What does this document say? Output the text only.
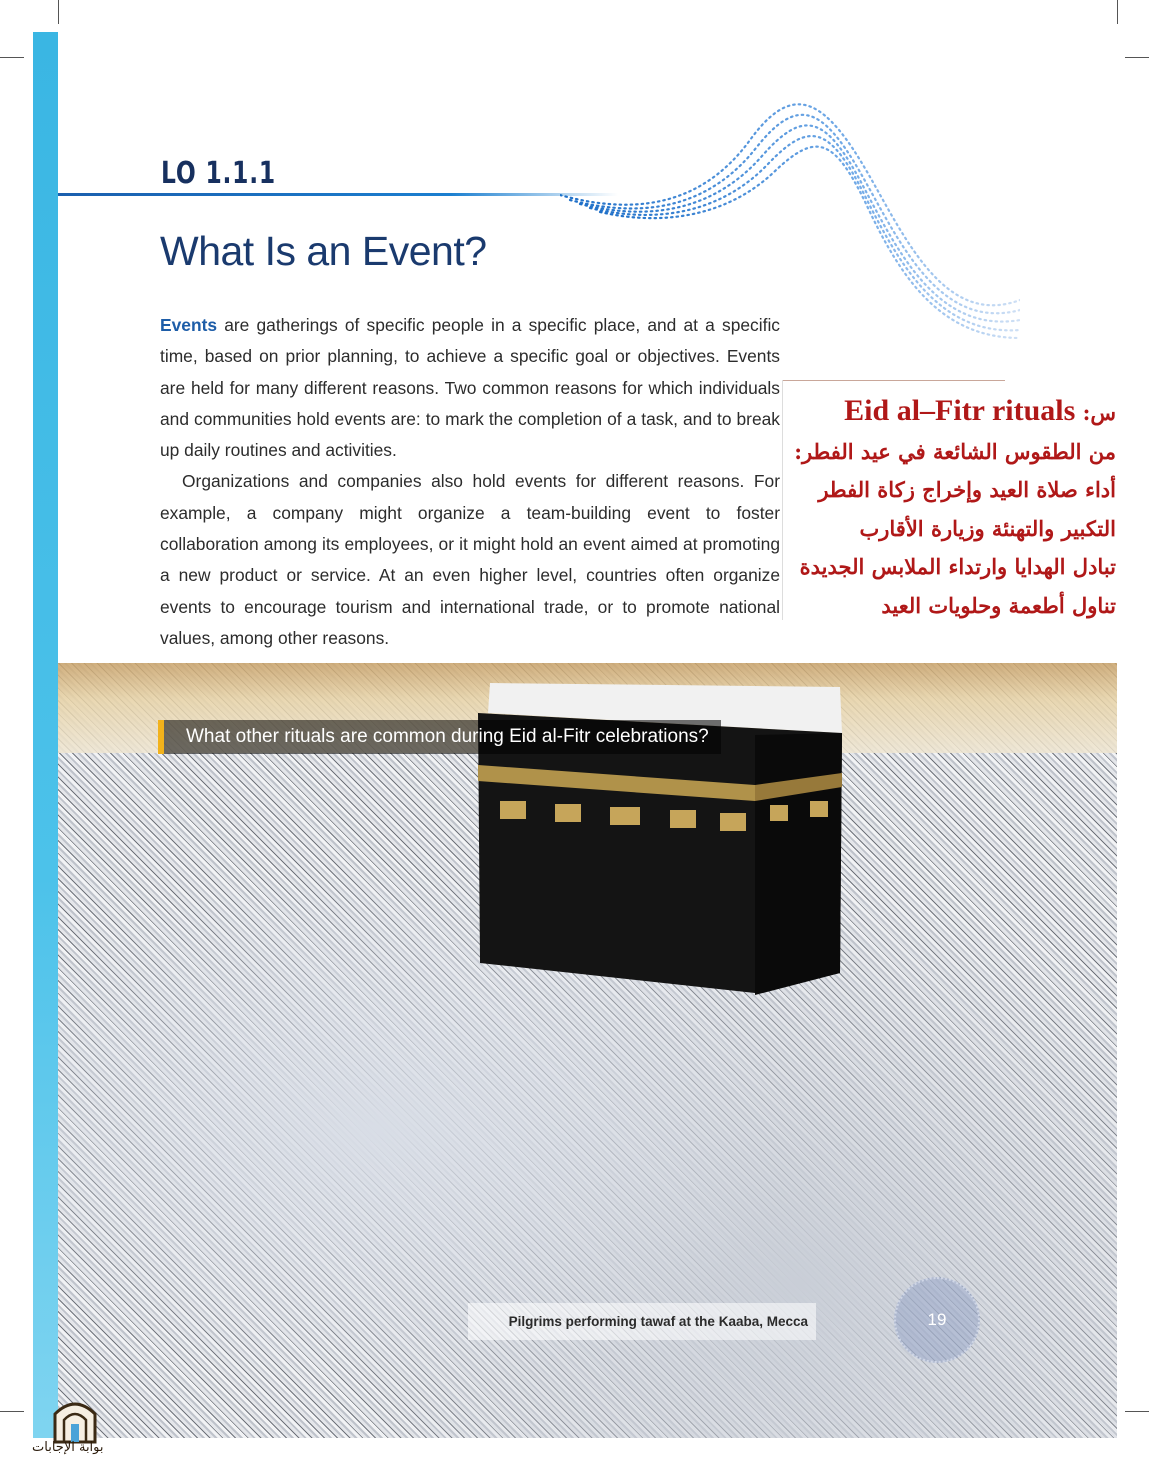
LO 1.1.1
What Is an Event?

Events are gatherings of specific people in a specific place, and at a specific time, based on prior planning, to achieve a specific goal or objectives. Events are held for many different reasons. Two common reasons for which individuals and communities hold events are: to mark the completion of a task, and to break up daily routines and activities.

Organizations and companies also hold events for different reasons. For example, a company might organize a team-building event to foster collaboration among its employees, or it might hold an event aimed at promoting a new product or service. At an even higher level, countries often organize events to encourage tourism and international trade, or to promote national values, among other reasons.

س: Eid al–Fitr rituals
من الطقوس الشائعة في عيد الفطر:
أداء صلاة العيد وإخراج زكاة الفطر
التكبير والتهنئة وزيارة الأقارب
تبادل الهدايا وارتداء الملابس الجديدة
تناول أطعمة وحلويات العيد
What other rituals are common during Eid al-Fitr celebrations?
Pilgrims performing tawaf at the Kaaba, Mecca	19
بوابة الإجابات
